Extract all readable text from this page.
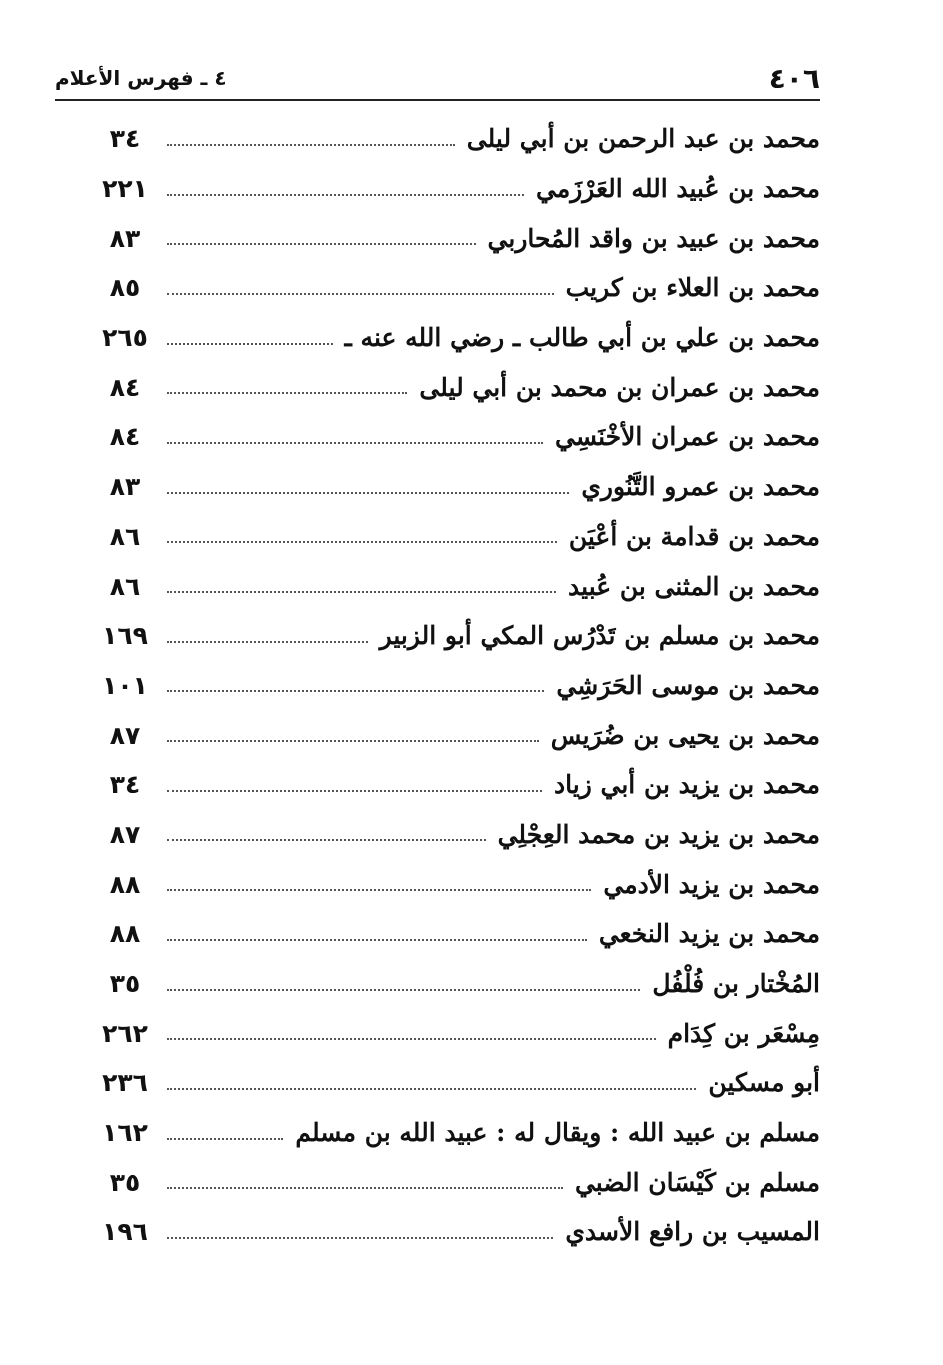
٤٠٦
٤ ـ فهرس الأعلام
محمد بن عبد الرحمن بن أبي ليلى
٣٤
محمد بن عُبيد الله العَرْزَمي
٢٢١
محمد بن عبيد بن واقد المُحاربي
٨٣
محمد بن العلاء بن كريب
٨٥
محمد بن علي بن أبي طالب ـ رضي الله عنه ـ
٢٦٥
محمد بن عمران بن محمد بن أبي ليلى
٨٤
محمد بن عمران الأخْنَسِي
٨٤
محمد بن عمرو التَّنُوري
٨٣
محمد بن قدامة بن أعْيَن
٨٦
محمد بن المثنى بن عُبيد
٨٦
محمد بن مسلم بن تَدْرُس المكي أبو الزبير
١٦٩
محمد بن موسى الحَرَشِي
١٠١
محمد بن يحيى بن ضُرَيس
٨٧
محمد بن يزيد بن أبي زياد
٣٤
محمد بن يزيد بن محمد العِجْلِي
٨٧
محمد بن يزيد الأدمي
٨٨
محمد بن يزيد النخعي
٨٨
المُخْتار بن فُلْفُل
٣٥
مِسْعَر بن كِدَام
٢٦٢
أبو مسكين
٢٣٦
مسلم بن عبيد الله : ويقال له : عبيد الله بن مسلم
١٦٢
مسلم بن كَيْسَان الضبي
٣٥
المسيب بن رافع الأسدي
١٩٦
